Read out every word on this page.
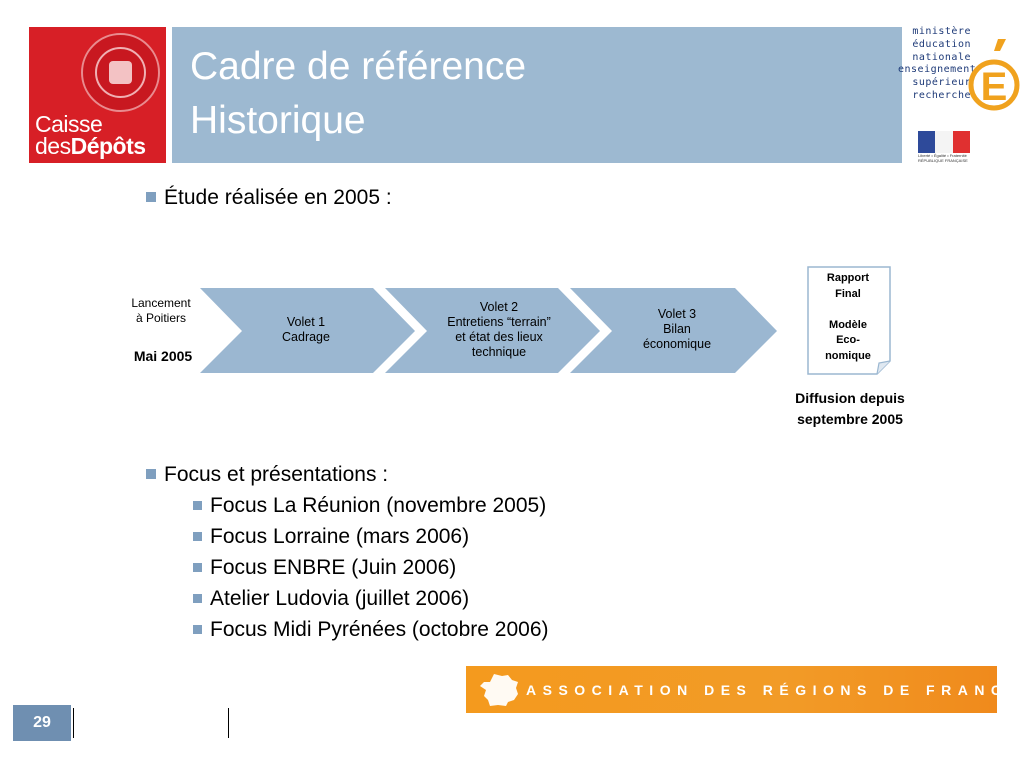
Caisse
desDépôts
Cadre de référence
Historique
ministère
éducation
nationale
enseignement
supérieur
recherche E
Liberté • Égalité • Fraternité
RÉPUBLIQUE FRANÇAISE
Étude réalisée en 2005 :
Lancement
à Poitiers
Mai 2005
Volet 1
Cadrage
Volet 2
Entretiens “terrain”
et état des lieux
technique
Volet 3
Bilan
économique
Rapport
Final

Modèle
Eco-
nomique
Diffusion depuis
septembre 2005
Focus et présentations :
Focus La Réunion (novembre 2005)
Focus Lorraine (mars 2006)
Focus ENBRE (Juin 2006)
Atelier Ludovia (juillet 2006)
Focus Midi Pyrénées (octobre 2006)
ASSOCIATION DES RÉGIONS DE FRANCE
29
